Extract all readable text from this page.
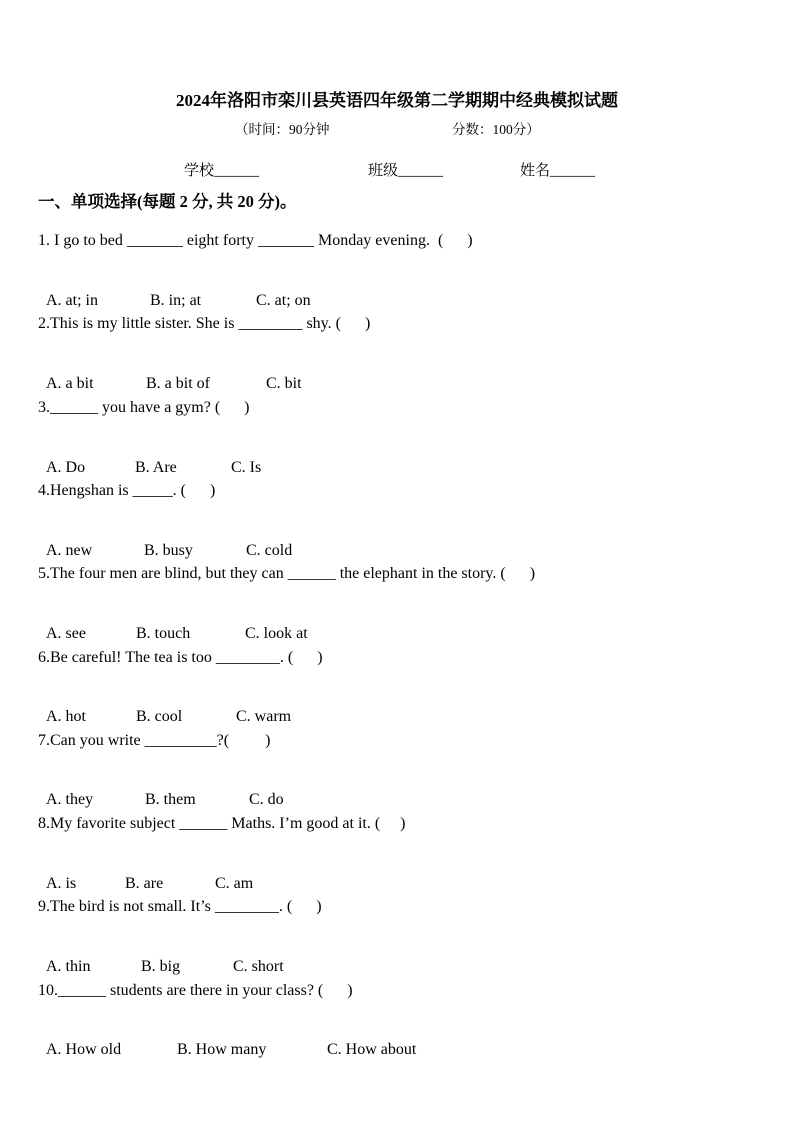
2024年洛阳市栾川县英语四年级第二学期期中经典模拟试题
（时间：90分钟	分数：100分）
学校______	班级______	姓名______
一、单项选择(每题 2 分, 共 20 分)。
1. I go to bed _______ eight forty _______ Monday evening.  (      )

A. at; in	B. in; at	C. at; on

2.This is my little sister. She is ________ shy. (      )

A. a bit	B. a bit of	C. bit

3.______ you have a gym? (      )

A. Do	B. Are	C. Is

4.Hengshan is _____. (      )

A. new	B. busy	C. cold

5.The four men are blind, but they can ______ the elephant in the story. (      )

A. see	B. touch	C. look at

6.Be careful! The tea is too ________. (      )

A. hot	B. cool	C. warm

7.Can you write _________?(         )

A. they	B. them	C. do

8.My favorite subject ______ Maths. I’m good at it. (     )

A. is	B. are	C. am

9.The bird is not small. It’s ________. (      )

A. thin	B. big	C. short

10.______ students are there in your class? (      )

A. How old	B. How many	C. How about
